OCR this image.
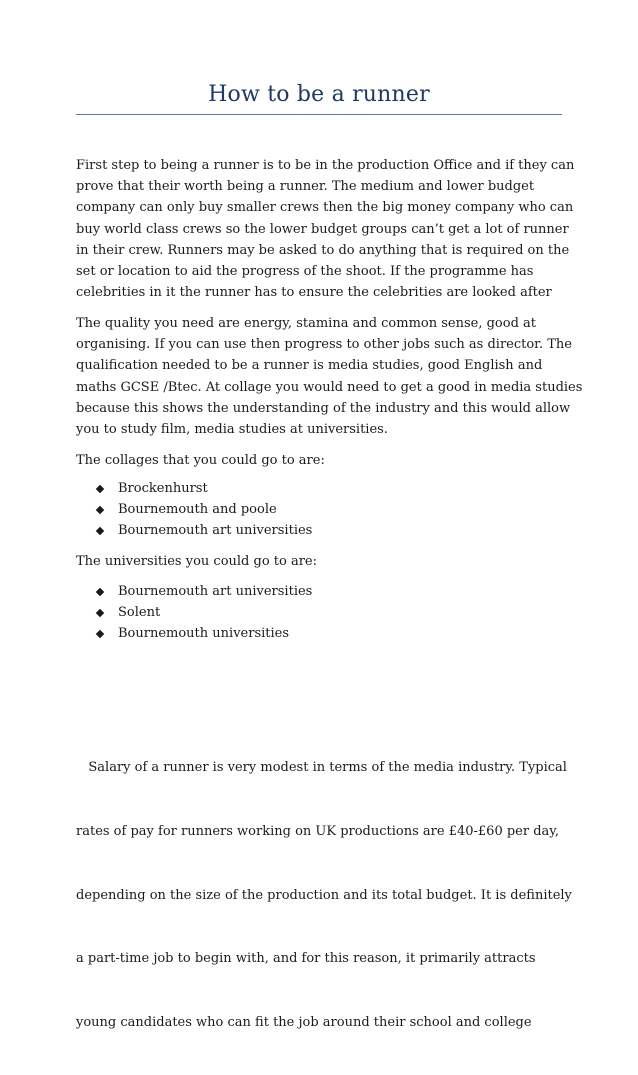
How to be a runner

First step to being a runner is to be in the production Office and if they can
prove that their worth being a runner. The medium and lower budget
company can only buy smaller crews then the big money company who can
buy world class crews so the lower budget groups can’t get a lot of runner
in their crew. Runners may be asked to do anything that is required on the
set or location to aid the progress of the shoot. If the programme has
celebrities in it the runner has to ensure the celebrities are looked after

The quality you need are energy, stamina and common sense, good at
organising. If you can use then progress to other jobs such as director. The
qualification needed to be a runner is media studies, good English and
maths GCSE /Btec. At collage you would need to get a good in media studies
because this shows the understanding of the industry and this would allow
you to study film, media studies at universities.

The collages that you could go to are:

Brockenhurst
Bournemouth and poole
Bournemouth art universities

The universities you could go to are:

Bournemouth art universities
Solent
Bournemouth universities

Salary of a runner is very modest in terms of the media industry. Typical

rates of pay for runners working on UK productions are £40-£60 per day,

depending on the size of the production and its total budget. It is definitely

a part-time job to begin with, and for this reason, it primarily attracts

young candidates who can fit the job around their school and college
